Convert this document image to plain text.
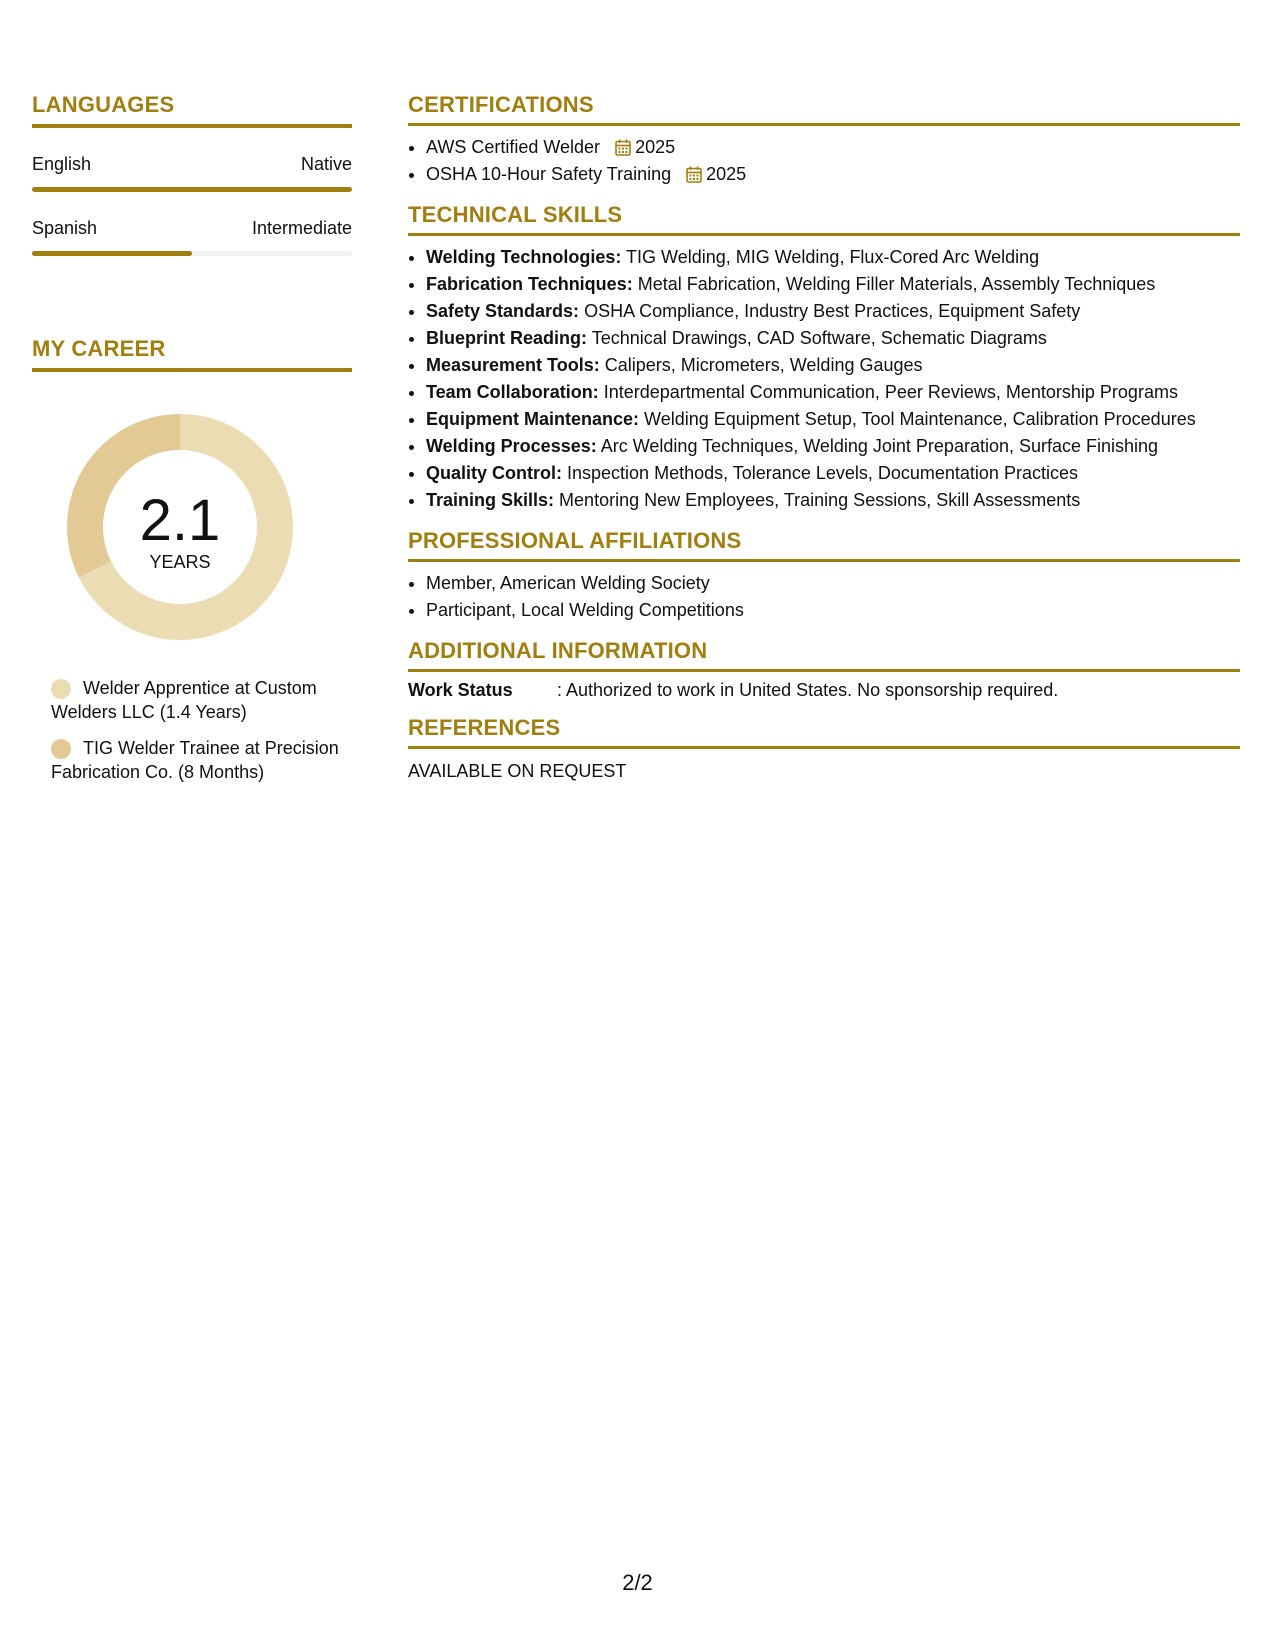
LANGUAGES
English	Native
Spanish	Intermediate
MY CAREER
2.1
YEARS
Welder Apprentice at Custom Welders LLC (1.4 Years)
TIG Welder Trainee at Precision Fabrication Co. (8 Months)
CERTIFICATIONS
• AWS Certified Welder 2025
• OSHA 10-Hour Safety Training 2025
TECHNICAL SKILLS
• Welding Technologies: TIG Welding, MIG Welding, Flux-Cored Arc Welding
• Fabrication Techniques: Metal Fabrication, Welding Filler Materials, Assembly Techniques
• Safety Standards: OSHA Compliance, Industry Best Practices, Equipment Safety
• Blueprint Reading: Technical Drawings, CAD Software, Schematic Diagrams
• Measurement Tools: Calipers, Micrometers, Welding Gauges
• Team Collaboration: Interdepartmental Communication, Peer Reviews, Mentorship Programs
• Equipment Maintenance: Welding Equipment Setup, Tool Maintenance, Calibration Procedures
• Welding Processes: Arc Welding Techniques, Welding Joint Preparation, Surface Finishing
• Quality Control: Inspection Methods, Tolerance Levels, Documentation Practices
• Training Skills: Mentoring New Employees, Training Sessions, Skill Assessments
PROFESSIONAL AFFILIATIONS
• Member, American Welding Society
• Participant, Local Welding Competitions
ADDITIONAL INFORMATION
Work Status	: Authorized to work in United States. No sponsorship required.
REFERENCES
AVAILABLE ON REQUEST
2/2
